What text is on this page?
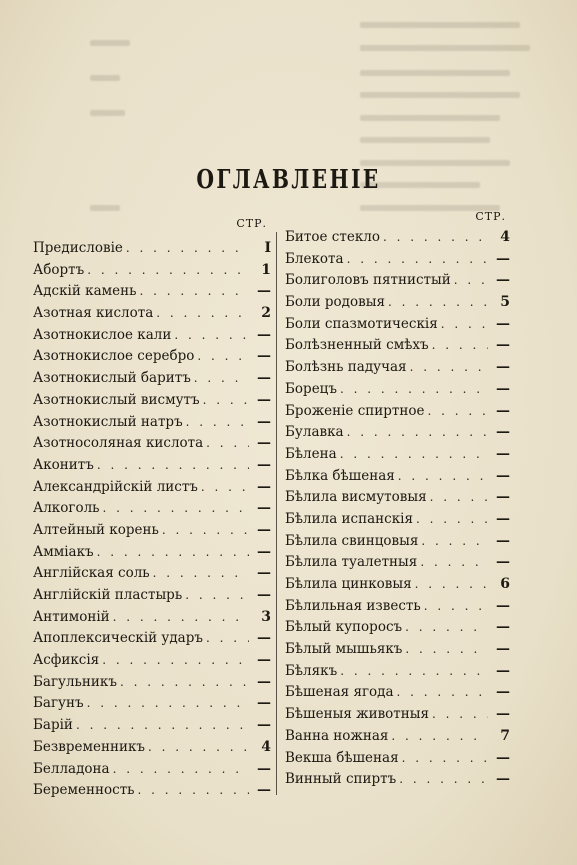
ОГЛАВЛЕНІЕ
СТР.
Предисловіе . . .	I
Абортъ . . .	1
Адскій камень . . .	—
Азотная кислота . . .	2
Азотнокислое кали . . .	—
Азотнокислое серебро . . .	—
Азотнокислый баритъ . . .	—
Азотнокислый висмутъ . . .	—
Азотнокислый натръ . . .	—
Азотносоляная кислота . . .	—
Аконитъ . . .	—
Александрійскій листъ . . .	—
Алкоголь . . .	—
Алтейный корень . . .	—
Аммiакъ . . .	—
Англійская соль . . .	—
Англійскій пластырь . . .	—
Антимоній . . .	3
Апоплексическій ударъ . . .	—
Асфиксія . . .	—
Багульникъ . . .	—
Багунъ . . .	—
Барій . . .	—
Безвременникъ . . .	4
Белладона . . .	—
Беременность . . .	—
СТР.
Битое стекло . . .	4
Блекота . . .	—
Болиголовъ пятнистый . . .	—
Боли родовыя . . .	5
Боли спазмотическія . . .	—
Болѣзненный смѣхъ . . .	—
Болѣзнь падучая . . .	—
Борецъ . . .	—
Броженіе спиртное . . .	—
Булавка . . .	—
Бѣлена . . .	—
Бѣлка бѣшеная . . .	—
Бѣлила висмутовыя . . .	—
Бѣлила испанскія . . .	—
Бѣлила свинцовыя . . .	—
Бѣлила туалетныя . . .	—
Бѣлила цинковыя . . .	6
Бѣлильная известь . . .	—
Бѣлый купоросъ . . .	—
Бѣлый мышьякъ . . .	—
Бѣлякъ . . .	—
Бѣшеная ягода . . .	—
Бѣшеныя животныя . . .	—
Ванна ножная . . .	7
Векша бѣшеная . . .	—
Винный спиртъ . . .	—
